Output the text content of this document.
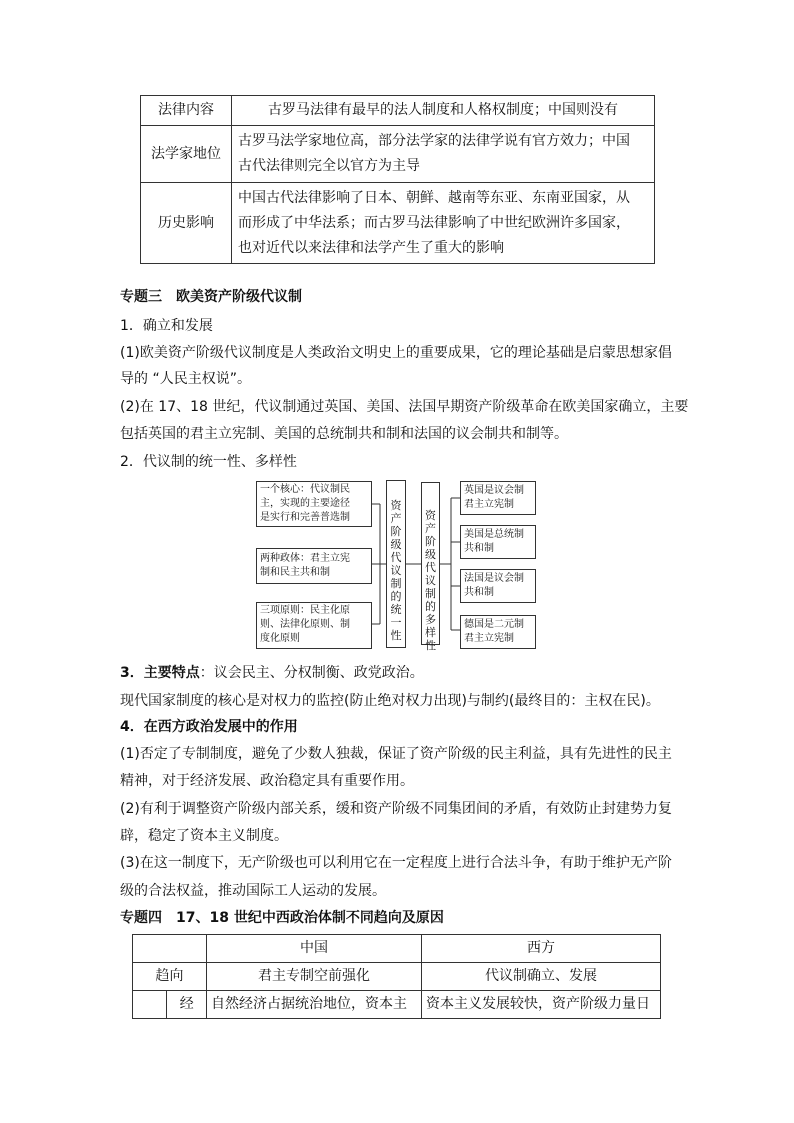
法律内容	古罗马法律有最早的法人制度和人格权制度；中国则没有

法学家地位	古罗马法学家地位高，部分法学家的法律学说有官方效力；中国
古代法律则完全以官方为主导

历史影响	中国古代法律影响了日本、朝鲜、越南等东亚、东南亚国家，从
而形成了中华法系；而古罗马法律影响了中世纪欧洲许多国家，
也对近代以来法律和法学产生了重大的影响
专题三　欧美资产阶级代议制
1．确立和发展
(1)欧美资产阶级代议制度是人类政治文明史上的重要成果，它的理论基础是启蒙思想家倡
导的 “人民主权说”。
(2)在 17、18 世纪，代议制通过英国、美国、法国早期资产阶级革命在欧美国家确立，主要
包括英国的君主立宪制、美国的总统制共和制和法国的议会制共和制等。
2．代议制的统一性、多样性
一个核心：代议制民
主，实现的主要途径
是实行和完善普选制
两种政体：君主立宪
制和民主共和制
三项原则：民主化原
则、法律化原则、制
度化原则
资产阶级代议制的统一性
资产阶级代议制的多样性
英国是议会制
君主立宪制
美国是总统制
共和制
法国是议会制
共和制
德国是二元制
君主立宪制
3．主要特点：议会民主、分权制衡、政党政治。
现代国家制度的核心是对权力的监控(防止绝对权力出现)与制约(最终目的：主权在民)。
4．在西方政治发展中的作用
(1)否定了专制制度，避免了少数人独裁，保证了资产阶级的民主利益，具有先进性的民主
精神，对于经济发展、政治稳定具有重要作用。
(2)有利于调整资产阶级内部关系，缓和资产阶级不同集团间的矛盾，有效防止封建势力复
辟，稳定了资本主义制度。
(3)在这一制度下，无产阶级也可以利用它在一定程度上进行合法斗争，有助于维护无产阶
级的合法权益，推动国际工人运动的发展。
专题四　17、18 世纪中西政治体制不同趋向及原因
		中国	西方
趋向		君主专制空前强化	代议制确立、发展
	经	自然经济占据统治地位，资本主	资本主义发展较快，资产阶级力量日
